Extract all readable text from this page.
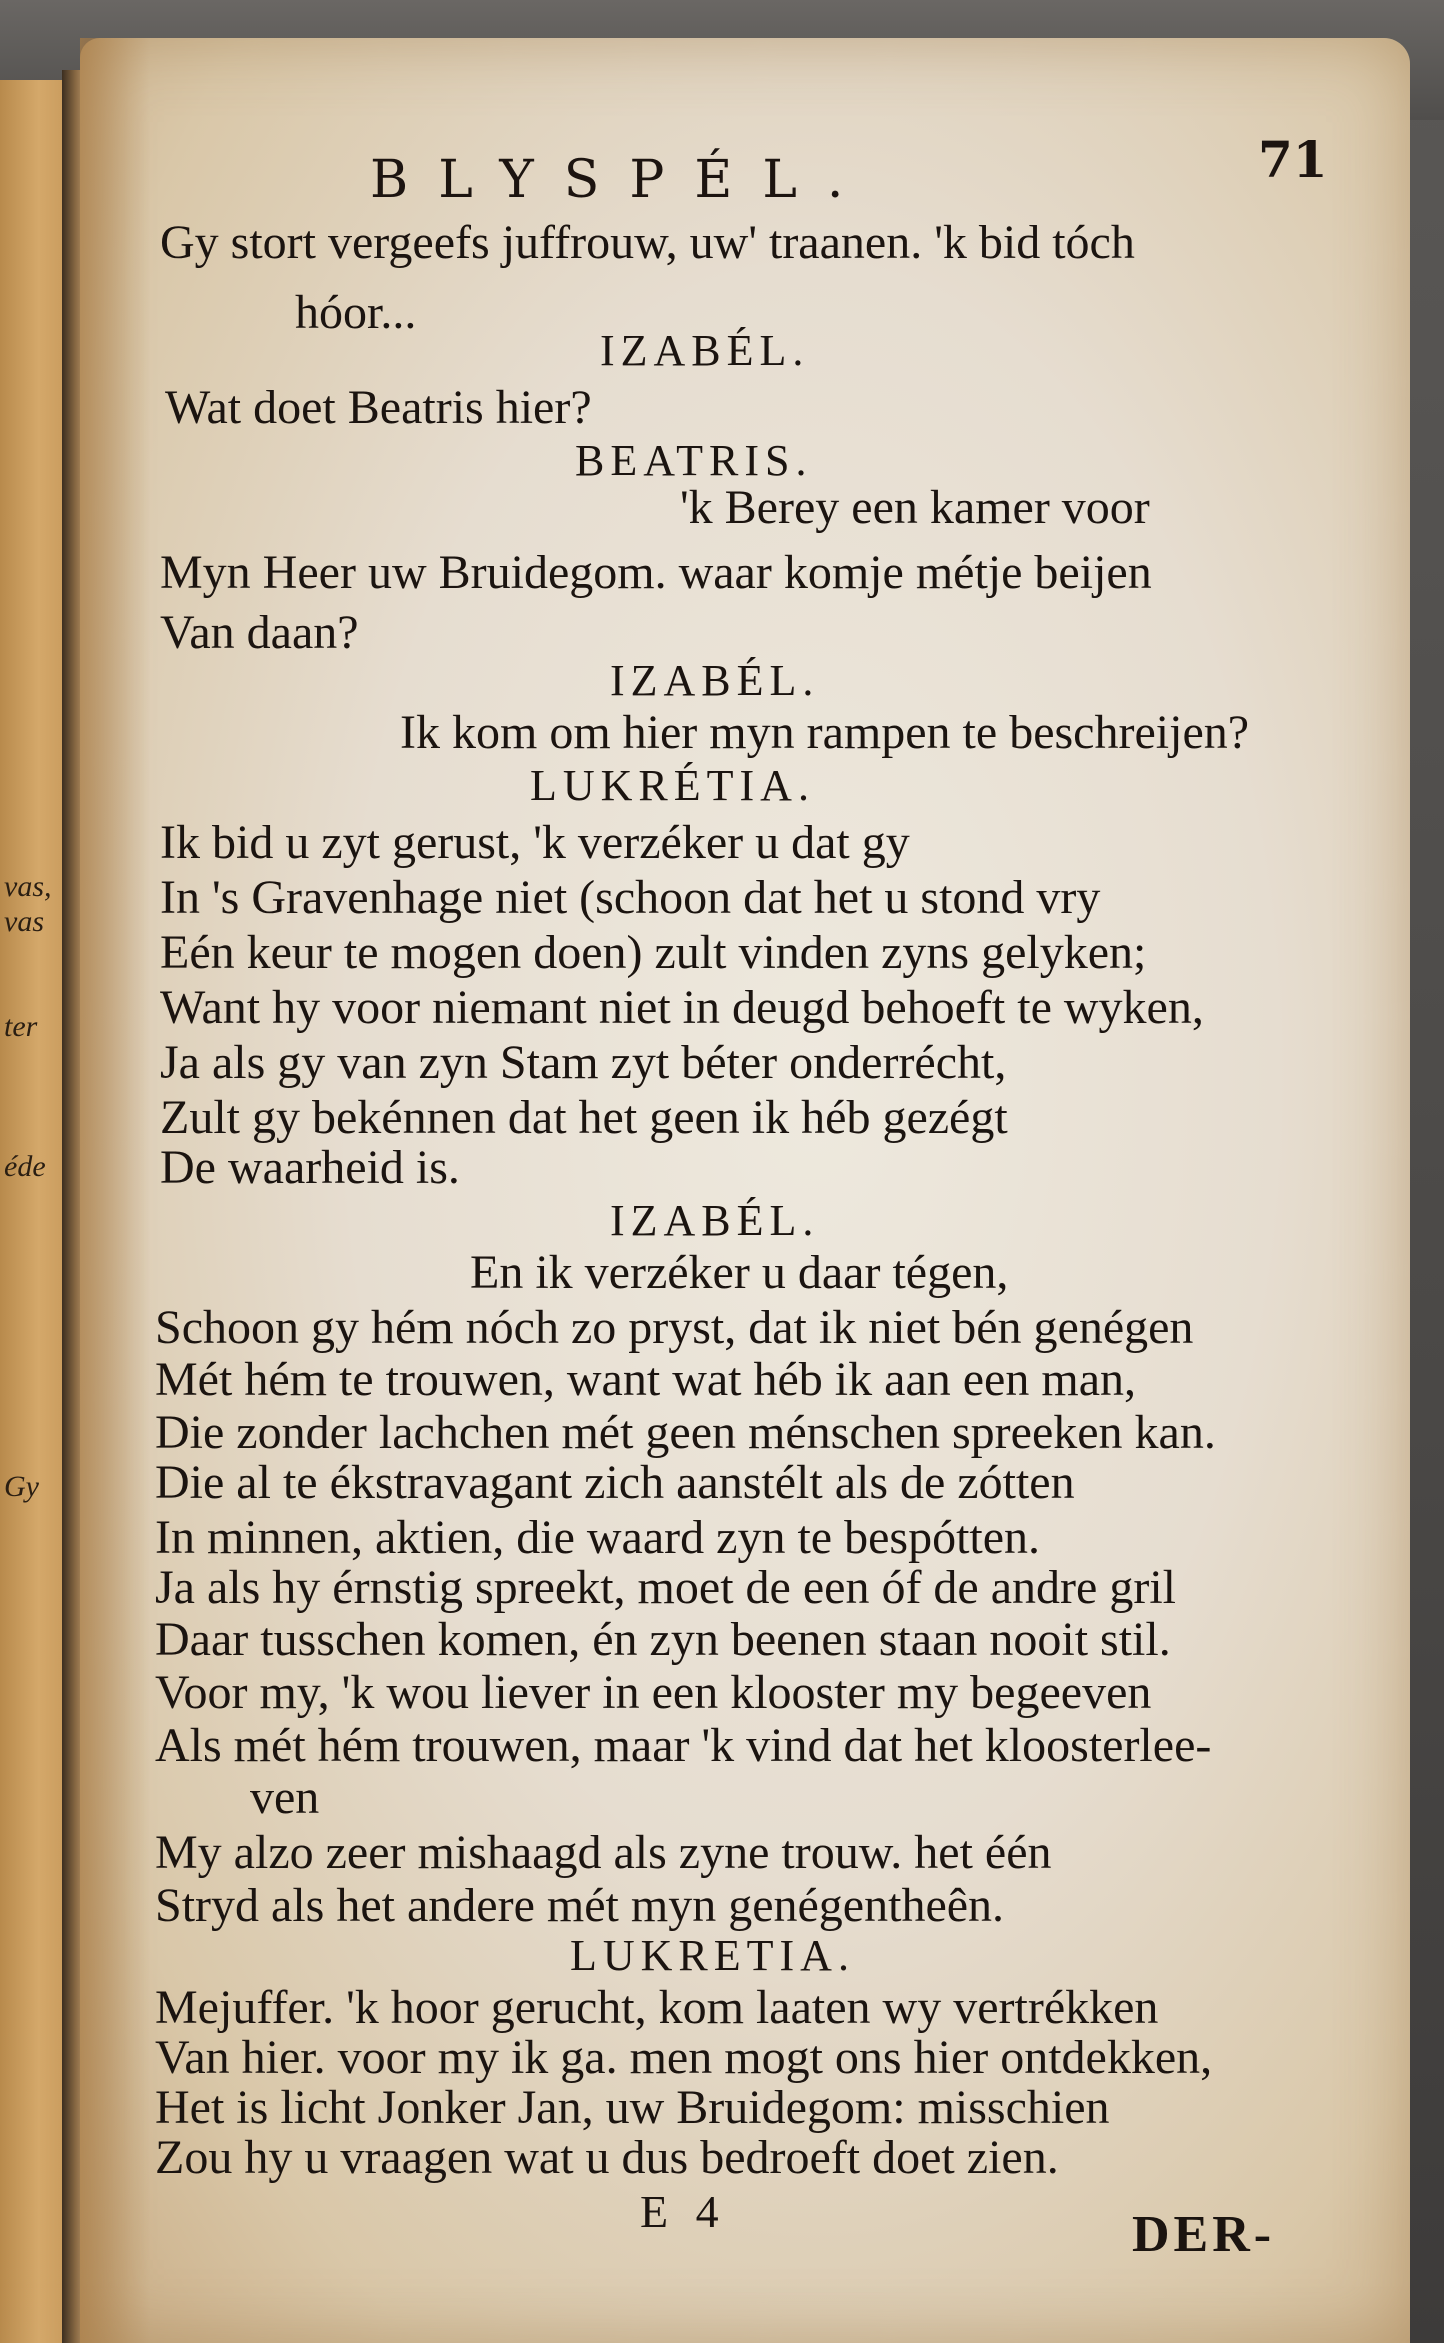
vas,
vas
ter
éde
Gy
BLYSPÉL.	71
Gy stort vergeefs juffrouw, uw' traanen. 'k bid tóch
hóor...
IZABÉL.
Wat doet Beatris hier?
BEATRIS.
'k Berey een kamer voor
Myn Heer uw Bruidegom. waar komje métje beijen
Van daan?
IZABÉL.
Ik kom om hier myn rampen te beschreijen?
LUKRÉTIA.
Ik bid u zyt gerust, 'k verzéker u dat gy
In 's Gravenhage niet (schoon dat het u stond vry
Eén keur te mogen doen) zult vinden zyns gelyken;
Want hy voor niemant niet in deugd behoeft te wyken,
Ja als gy van zyn Stam zyt béter onderrécht,
Zult gy bekénnen dat het geen ik héb gezégt
De waarheid is.
IZABÉL.
En ik verzéker u daar tégen,
Schoon gy hém nóch zo pryst, dat ik niet bén genégen
Mét hém te trouwen, want wat héb ik aan een man,
Die zonder lachchen mét geen ménschen spreeken kan.
Die al te ékstravagant zich aanstélt als de zótten
In minnen, aktien, die waard zyn te bespótten.
Ja als hy érnstig spreekt, moet de een óf de andre gril
Daar tusschen komen, én zyn beenen staan nooit stil.
Voor my, 'k wou liever in een klooster my begeeven
Als mét hém trouwen, maar 'k vind dat het kloosterlee-
ven
My alzo zeer mishaagd als zyne trouw. het één
Stryd als het andere mét myn genégentheên.
LUKRETIA.
Mejuffer. 'k hoor gerucht, kom laaten wy vertrékken
Van hier. voor my ik ga. men mogt ons hier ontdekken,
Het is licht Jonker Jan, uw Bruidegom: misschien
Zou hy u vraagen wat u dus bedroeft doet zien.
E 4	DER-
